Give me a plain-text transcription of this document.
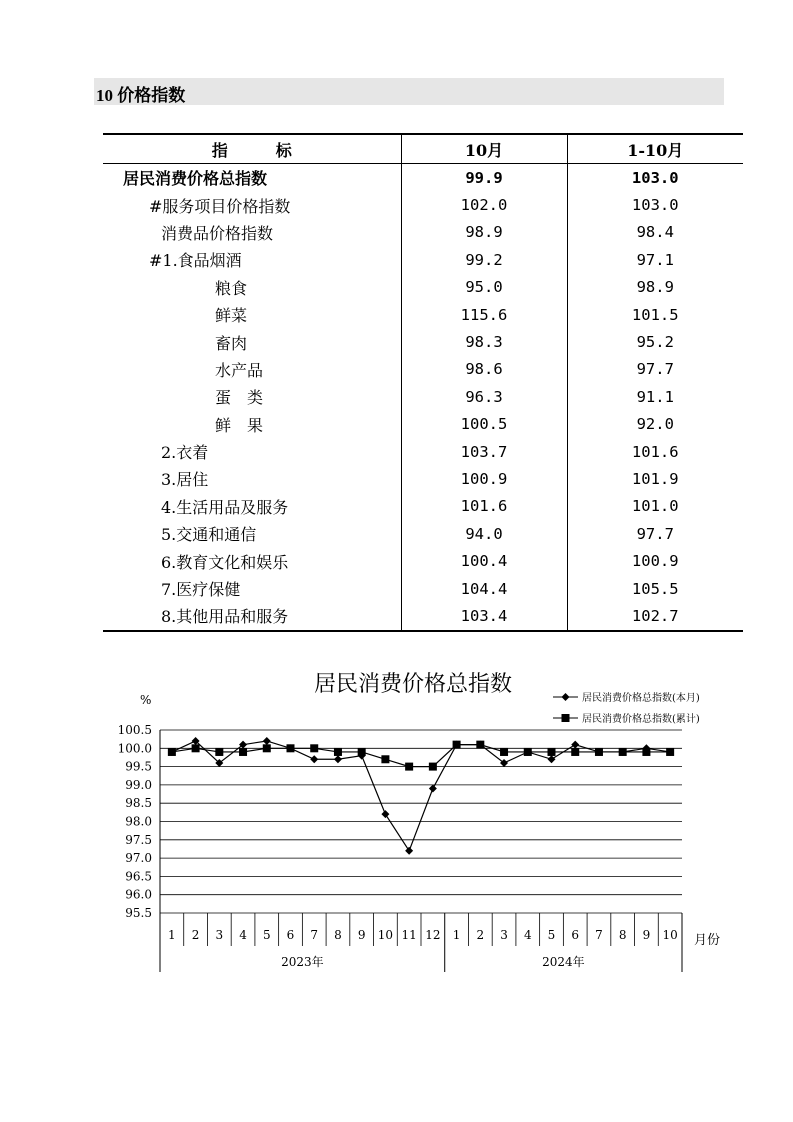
10 价格指数
指　　　标	10月	1-10月
居民消费价格总指数	99.9	103.0
#服务项目价格指数	102.0	103.0
消费品价格指数	98.9	98.4
#1.食品烟酒	99.2	97.1
粮食	95.0	98.9
鲜菜	115.6	101.5
畜肉	98.3	95.2
水产品	98.6	97.7
蛋　类	96.3	91.1
鲜　果	100.5	92.0
2.衣着	103.7	101.6
3.居住	100.9	101.9
4.生活用品及服务	101.6	101.0
5.交通和通信	94.0	97.7
6.教育文化和娱乐	100.4	100.9
7.医疗保健	104.4	105.5
8.其他用品和服务	103.4	102.7
居民消费价格总指数
%
月份
居民消费价格总指数(本月)
居民消费价格总指数(累计)
100.5
100.0
99.5
99.0
98.5
98.0
97.5
97.0
96.5
96.0
95.5
1 2 3 4 5 6 7 8 9 10 11 12 1 2 3 4 5 6 7 8 9 10
2023年	2024年
